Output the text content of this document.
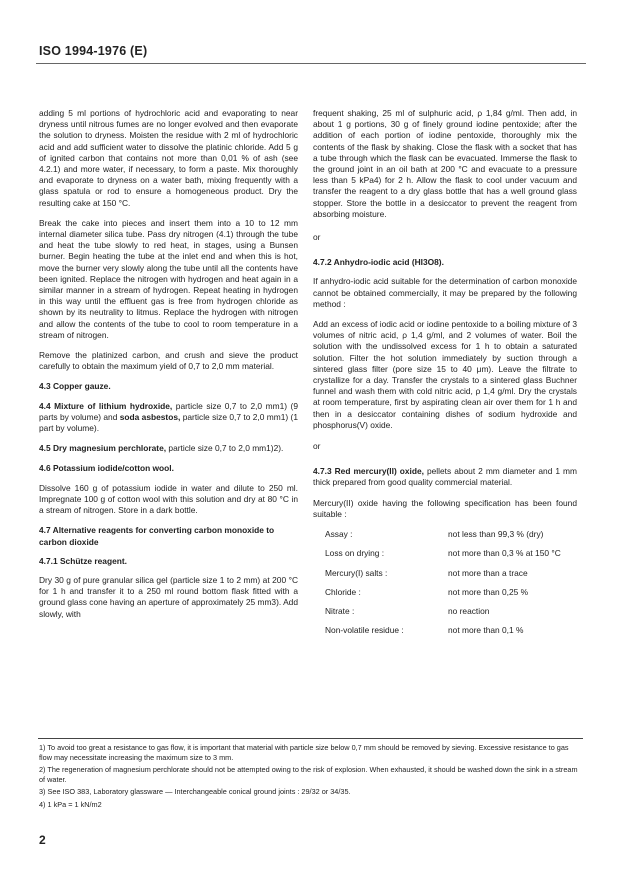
ISO 1994-1976 (E)

adding 5 ml portions of hydrochloric acid and evaporating to near dryness until nitrous fumes are no longer evolved and then evaporate the solution to dryness. Moisten the residue with 2 ml of hydrochloric acid and add sufficient water to dissolve the platinic chloride. Add 5 g of ignited carbon that contains not more than 0,01 % of ash (see 4.2.1) and more water, if necessary, to form a paste. Mix thoroughly and evaporate to dryness on a water bath, mixing frequently with a glass spatula or rod to ensure a homogeneous product. Dry the resulting cake at 150 °C.

Break the cake into pieces and insert them into a 10 to 12 mm internal diameter silica tube. Pass dry nitrogen (4.1) through the tube and heat the tube slowly to red heat, in stages, using a Bunsen burner. Begin heating the tube at the inlet end and when this is hot, move the burner very slowly along the tube until all the contents have been ignited. Replace the nitrogen with hydrogen and heat again in a similar manner in a stream of hydrogen. Repeat heating in hydrogen in this way until the effluent gas is free from hydrogen chloride as shown by its neutrality to litmus. Replace the hydrogen with nitrogen and allow the contents of the tube to cool to room temperature in a stream of nitrogen.

Remove the platinized carbon, and crush and sieve the product carefully to obtain the maximum yield of 0,7 to 2,0 mm material.

4.3 Copper gauze.

4.4 Mixture of lithium hydroxide, particle size 0,7 to 2,0 mm1) (9 parts by volume) and soda asbestos, particle size 0,7 to 2,0 mm1) (1 part by volume).

4.5 Dry magnesium perchlorate, particle size 0,7 to 2,0 mm1)2).

4.6 Potassium iodide/cotton wool.

Dissolve 160 g of potassium iodide in water and dilute to 250 ml. Impregnate 100 g of cotton wool with this solution and dry at 80 °C in a stream of nitrogen. Store in a dark bottle.

4.7 Alternative reagents for converting carbon monoxide to carbon dioxide
4.7.1 Schütze reagent.

Dry 30 g of pure granular silica gel (particle size 1 to 2 mm) at 200 °C for 1 h and transfer it to a 250 ml round bottom flask fitted with a ground glass cone having an aperture of approximately 25 mm3). Add slowly, with

frequent shaking, 25 ml of sulphuric acid, ρ 1,84 g/ml. Then add, in about 1 g portions, 30 g of finely ground iodine pentoxide; after the addition of each portion of iodine pentoxide, thoroughly mix the contents of the flask by shaking. Close the flask with a socket that has a tube through which the flask can be evacuated. Immerse the flask to the ground joint in an oil bath at 200 °C and evacuate to a pressure less than 5 kPa4) for 2 h. Allow the flask to cool under vacuum and transfer the reagent to a dry glass bottle that has a well ground glass stopper. Store the bottle in a desiccator to prevent the reagent from absorbing moisture.

or

4.7.2 Anhydro-iodic acid (HI3O8).

If anhydro-iodic acid suitable for the determination of carbon monoxide cannot be obtained commercially, it may be prepared by the following method :

Add an excess of iodic acid or iodine pentoxide to a boiling mixture of 3 volumes of nitric acid, ρ 1,4 g/ml, and 2 volumes of water. Boil the solution with the undissolved excess for 1 h to obtain a saturated solution. Filter the hot solution immediately by suction through a sintered glass filter (pore size 15 to 40 μm). Leave the filtrate to crystallize for a day. Transfer the crystals to a sintered glass Buchner funnel and wash them with cold nitric acid, ρ 1,4 g/ml. Dry the crystals at room temperature, first by aspirating clean air over them for 1 h and then in a desiccator containing dishes of sodium hydroxide and phosphorus(V) oxide.

or

4.7.3 Red mercury(II) oxide, pellets about 2 mm diameter and 1 mm thick prepared from good quality commercial material.

Mercury(II) oxide having the following specification has been found suitable :

Assay :	not less than 99,3 % (dry)
Loss on drying :	not more than 0,3 % at 150 °C
Mercury(I) salts :	not more than a trace
Chloride :	not more than 0,25 %
Nitrate :	no reaction
Non-volatile residue :	not more than 0,1 %
1) To avoid too great a resistance to gas flow, it is important that material with particle size below 0,7 mm should be removed by sieving. Excessive resistance to gas flow may necessitate increasing the maximum size to 3 mm.
2) The regeneration of magnesium perchlorate should not be attempted owing to the risk of explosion. When exhausted, it should be washed down the sink in a stream of water.
3) See ISO 383, Laboratory glassware — Interchangeable conical ground joints : 29/32 or 34/35.
4) 1 kPa = 1 kN/m2
2
